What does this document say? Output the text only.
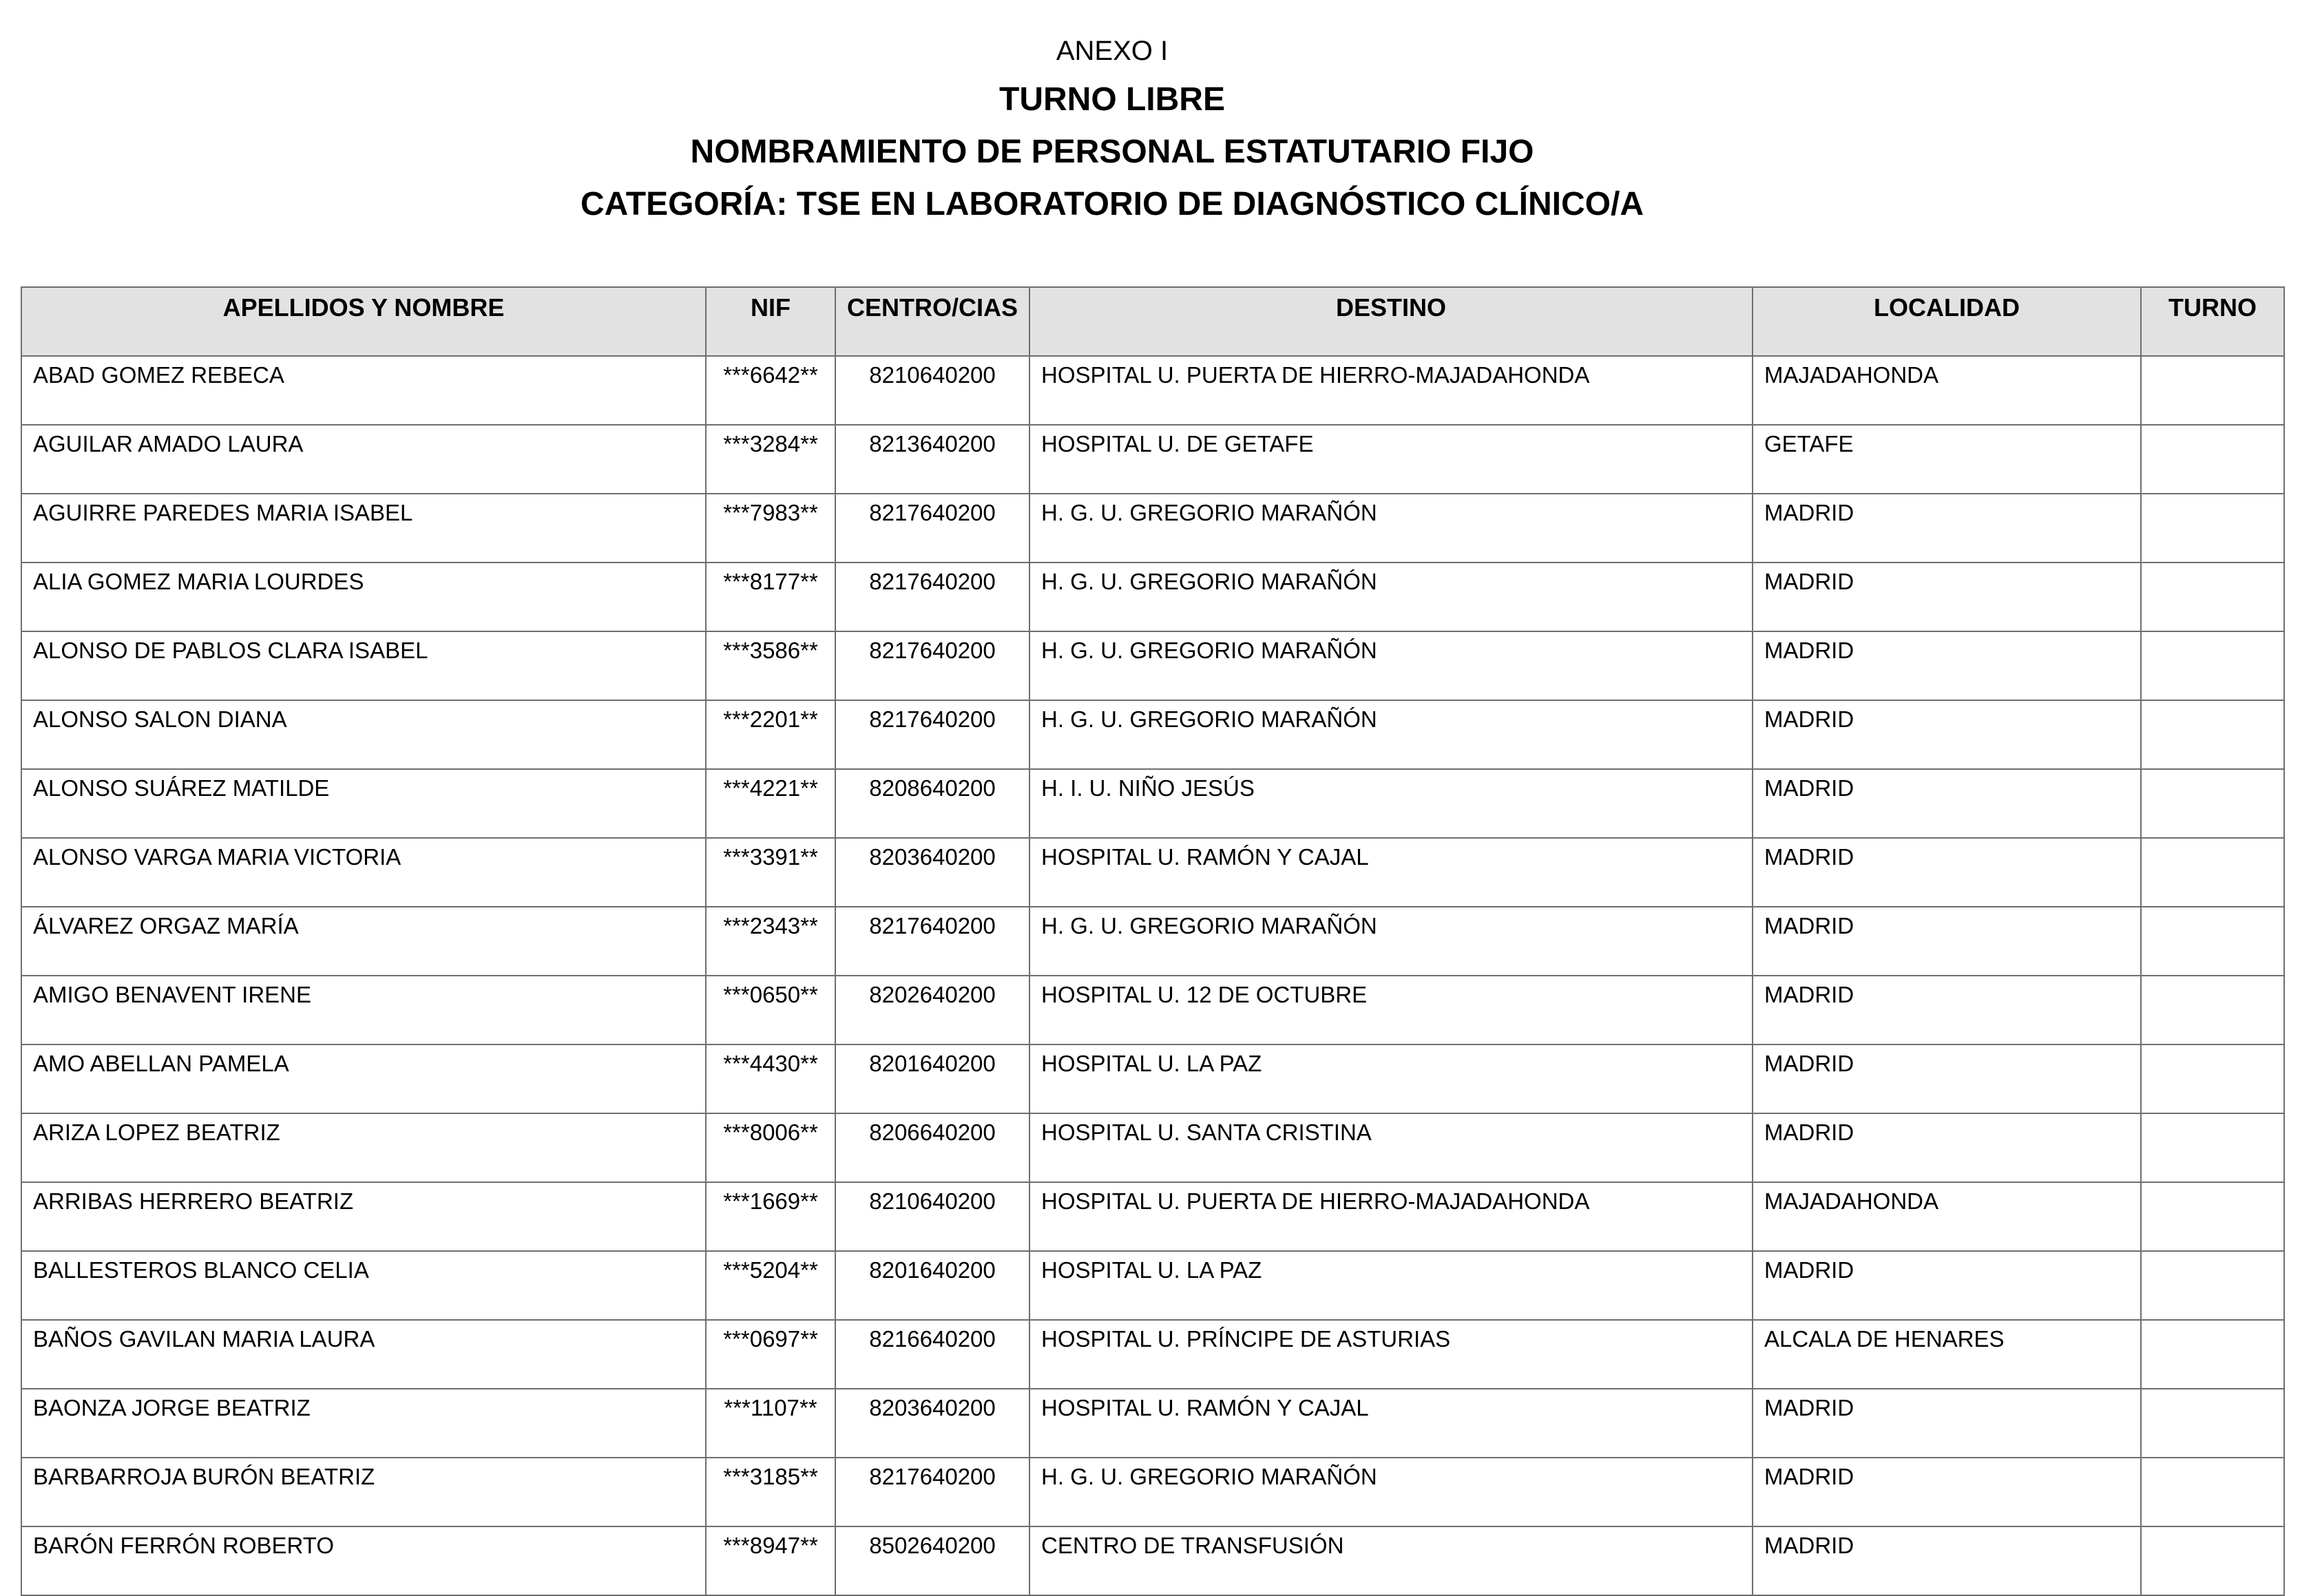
ANEXO I
TURNO LIBRE
NOMBRAMIENTO DE PERSONAL ESTATUTARIO FIJO
CATEGORÍA: TSE EN LABORATORIO DE DIAGNÓSTICO CLÍNICO/A
APELLIDOS Y NOMBRE	NIF	CENTRO/CIAS	DESTINO	LOCALIDAD	TURNO
ABAD GOMEZ REBECA	***6642**	8210640200	HOSPITAL U. PUERTA DE HIERRO-MAJADAHONDA	MAJADAHONDA	
AGUILAR AMADO LAURA	***3284**	8213640200	HOSPITAL U. DE GETAFE	GETAFE	
AGUIRRE PAREDES MARIA ISABEL	***7983**	8217640200	H. G. U. GREGORIO MARAÑÓN	MADRID	
ALIA GOMEZ MARIA LOURDES	***8177**	8217640200	H. G. U. GREGORIO MARAÑÓN	MADRID	
ALONSO DE PABLOS CLARA ISABEL	***3586**	8217640200	H. G. U. GREGORIO MARAÑÓN	MADRID	
ALONSO SALON DIANA	***2201**	8217640200	H. G. U. GREGORIO MARAÑÓN	MADRID	
ALONSO SUÁREZ MATILDE	***4221**	8208640200	H. I. U. NIÑO JESÚS	MADRID	
ALONSO VARGA MARIA VICTORIA	***3391**	8203640200	HOSPITAL U. RAMÓN Y CAJAL	MADRID	
ÁLVAREZ ORGAZ MARÍA	***2343**	8217640200	H. G. U. GREGORIO MARAÑÓN	MADRID	
AMIGO BENAVENT IRENE	***0650**	8202640200	HOSPITAL U. 12 DE OCTUBRE	MADRID	
AMO ABELLAN PAMELA	***4430**	8201640200	HOSPITAL U. LA PAZ	MADRID	
ARIZA LOPEZ BEATRIZ	***8006**	8206640200	HOSPITAL U. SANTA CRISTINA	MADRID	
ARRIBAS HERRERO BEATRIZ	***1669**	8210640200	HOSPITAL U. PUERTA DE HIERRO-MAJADAHONDA	MAJADAHONDA	
BALLESTEROS BLANCO CELIA	***5204**	8201640200	HOSPITAL U. LA PAZ	MADRID	
BAÑOS GAVILAN MARIA LAURA	***0697**	8216640200	HOSPITAL U. PRÍNCIPE DE ASTURIAS	ALCALA DE HENARES	
BAONZA JORGE BEATRIZ	***1107**	8203640200	HOSPITAL U. RAMÓN Y CAJAL	MADRID	
BARBARROJA BURÓN BEATRIZ	***3185**	8217640200	H. G. U. GREGORIO MARAÑÓN	MADRID	
BARÓN FERRÓN ROBERTO	***8947**	8502640200	CENTRO DE TRANSFUSIÓN	MADRID	
